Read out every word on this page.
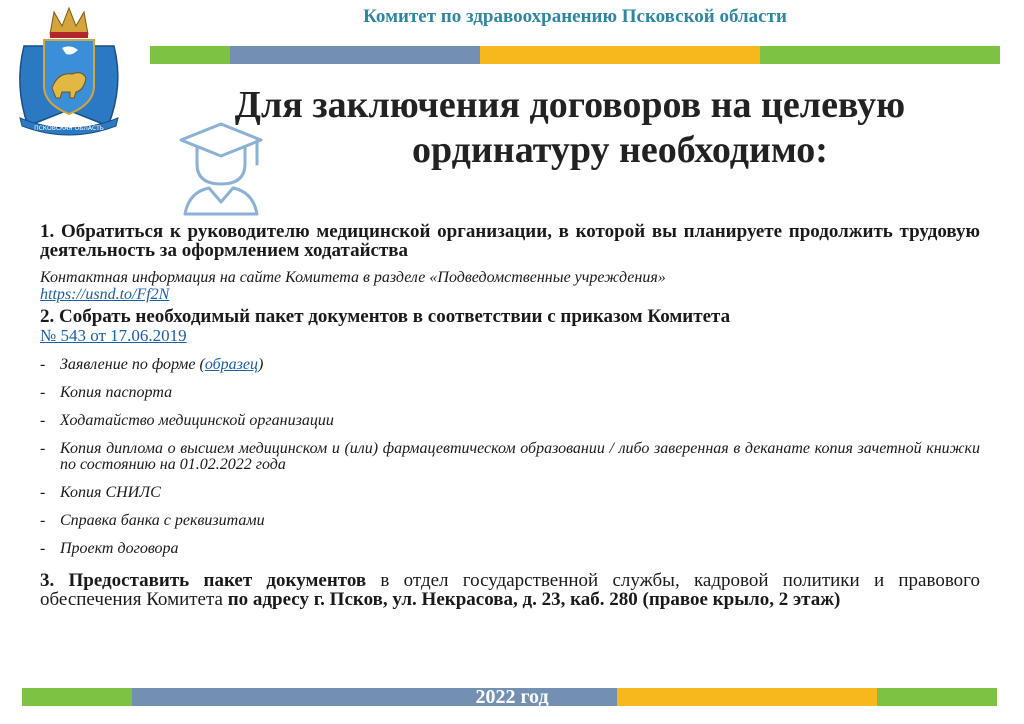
ПСКОВСКАЯ ОБЛАСТЬ
Комитет по здравоохранению Псковской области
Для заключения договоров на целевую
ординатуру необходимо:
1. Обратиться к руководителю медицинской организации, в которой вы планируете продолжить трудовую деятельность за оформлением ходатайства
Контактная информация на сайте Комитета в разделе «Подведомственные учреждения»
https://usnd.to/Ff2N
2. Собрать необходимый пакет документов в соответствии с приказом Комитета
№ 543 от 17.06.2019
- Заявление по форме (образец)
- Копия паспорта
- Ходатайство медицинской организации
- Копия диплома о высшем медицинском и (или) фармацевтическом образовании / либо заверенная в деканате копия зачетной книжки по состоянию на 01.02.2022 года
- Копия СНИЛС
- Справка банка с реквизитами
- Проект договора
3. Предоставить пакет документов в отдел государственной службы, кадровой политики и правового обеспечения Комитета по адресу г. Псков, ул. Некрасова, д. 23, каб. 280 (правое крыло, 2 этаж)
2022 год
